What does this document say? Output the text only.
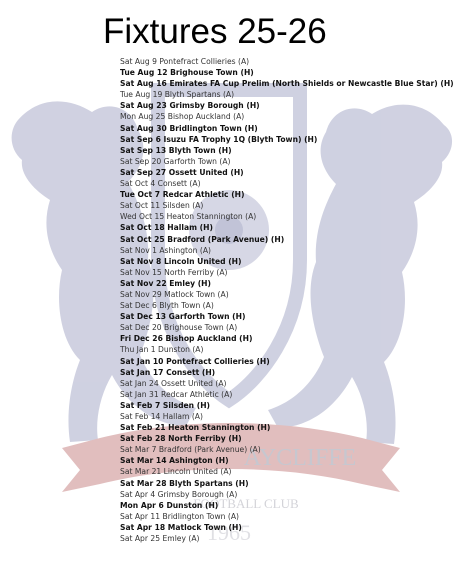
AYCLIFFE
FOOTBALL CLUB
1965
Fixtures 25-26
Sat Aug 9 Pontefract Collieries (A)
Tue Aug 12 Brighouse Town (H)
Sat Aug 16 Emirates FA Cup Prelim (North Shields or Newcastle Blue Star) (H)
Tue Aug 19 Blyth Spartans (A)
Sat Aug 23 Grimsby Borough (H)
Mon Aug 25 Bishop Auckland (A)
Sat Aug 30 Bridlington Town (H)
Sat Sep 6 Isuzu FA Trophy 1Q (Blyth Town) (H)
Sat Sep 13 Blyth Town (H)
Sat Sep 20 Garforth Town (A)
Sat Sep 27 Ossett United (H)
Sat Oct 4 Consett (A)
Tue Oct 7 Redcar Athletic (H)
Sat Oct 11 Silsden (A)
Wed Oct 15 Heaton Stannington (A)
Sat Oct 18 Hallam (H)
Sat Oct 25 Bradford (Park Avenue) (H)
Sat Nov 1 Ashington (A)
Sat Nov 8 Lincoln United (H)
Sat Nov 15 North Ferriby (A)
Sat Nov 22 Emley (H)
Sat Nov 29 Matlock Town (A)
Sat Dec 6 Blyth Town (A)
Sat Dec 13 Garforth Town (H)
Sat Dec 20 Brighouse Town (A)
Fri Dec 26 Bishop Auckland (H)
Thu Jan 1 Dunston (A)
Sat Jan 10 Pontefract Collieries (H)
Sat Jan 17 Consett (H)
Sat Jan 24 Ossett United (A)
Sat Jan 31 Redcar Athletic (A)
Sat Feb 7 Silsden (H)
Sat Feb 14 Hallam (A)
Sat Feb 21 Heaton Stannington (H)
Sat Feb 28 North Ferriby (H)
Sat Mar 7 Bradford (Park Avenue) (A)
Sat Mar 14 Ashington (H)
Sat Mar 21 Lincoln United (A)
Sat Mar 28 Blyth Spartans (H)
Sat Apr 4 Grimsby Borough (A)
Mon Apr 6 Dunston (H)
Sat Apr 11 Bridlington Town (A)
Sat Apr 18 Matlock Town (H)
Sat Apr 25 Emley (A)
